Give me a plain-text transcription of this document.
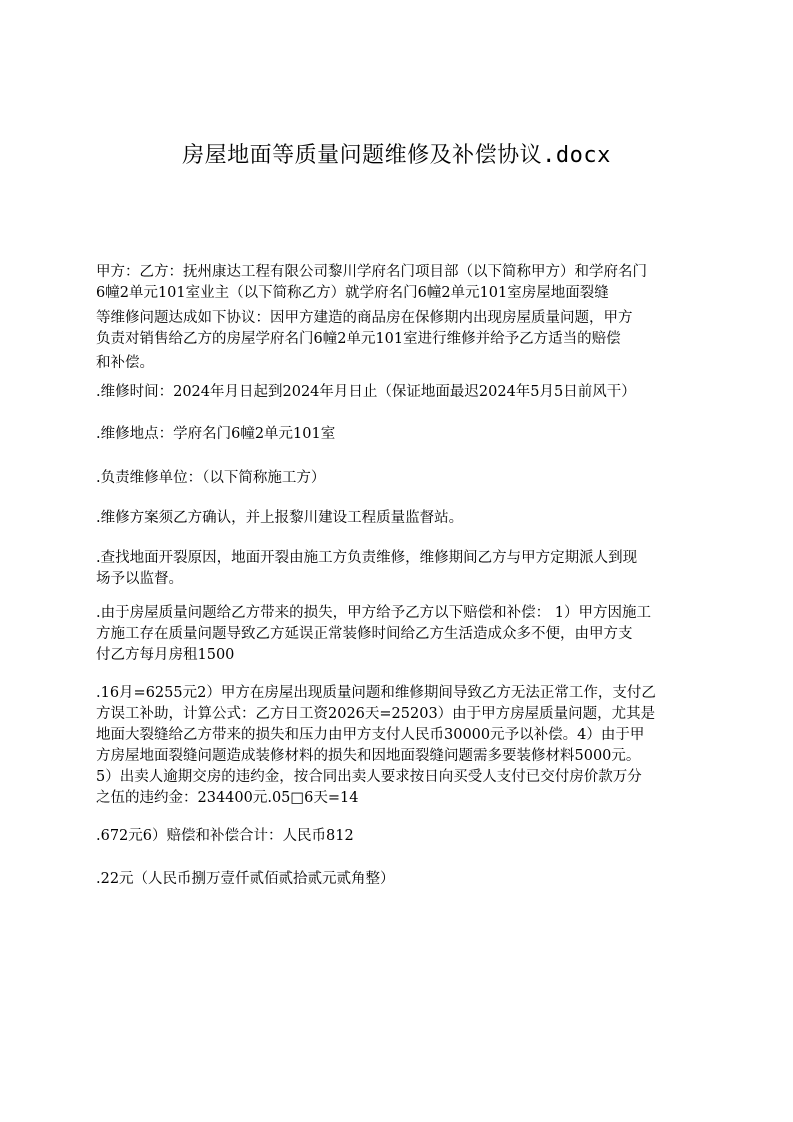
房屋地面等质量问题维修及补偿协议.docx
甲方：乙方：抚州康达工程有限公司黎川学府名门项目部（以下简称甲方）和学府名门
6幢2单元101室业主（以下简称乙方）就学府名门6幢2单元101室房屋地面裂缝
等维修问题达成如下协议：因甲方建造的商品房在保修期内出现房屋质量问题，甲方
负责对销售给乙方的房屋学府名门6幢2单元101室进行维修并给予乙方适当的赔偿
和补偿。
.维修时间：2024年月日起到2024年月日止（保证地面最迟2024年5月5日前风干）
.维修地点：学府名门6幢2单元101室
.负责维修单位：（以下简称施工方）
.维修方案须乙方确认，并上报黎川建设工程质量监督站。
.查找地面开裂原因，地面开裂由施工方负责维修，维修期间乙方与甲方定期派人到现
场予以监督。
.由于房屋质量问题给乙方带来的损失，甲方给予乙方以下赔偿和补偿： 1）甲方因施工
方施工存在质量问题导致乙方延误正常装修时间给乙方生活造成众多不便，由甲方支
付乙方每月房租1500
.16月=6255元2）甲方在房屋出现质量问题和维修期间导致乙方无法正常工作，支付乙
方误工补助，计算公式：乙方日工资2026天=25203）由于甲方房屋质量问题，尤其是
地面大裂缝给乙方带来的损失和压力由甲方支付人民币30000元予以补偿。4）由于甲
方房屋地面裂缝问题造成装修材料的损失和因地面裂缝问题需多要装修材料5000元。
5）出卖人逾期交房的违约金，按合同出卖人要求按日向买受人支付已交付房价款万分
之伍的违约金：234400元.05□6天=14
.672元6）赔偿和补偿合计：人民币812
.22元（人民币捌万壹仟贰佰贰拾贰元贰角整）
